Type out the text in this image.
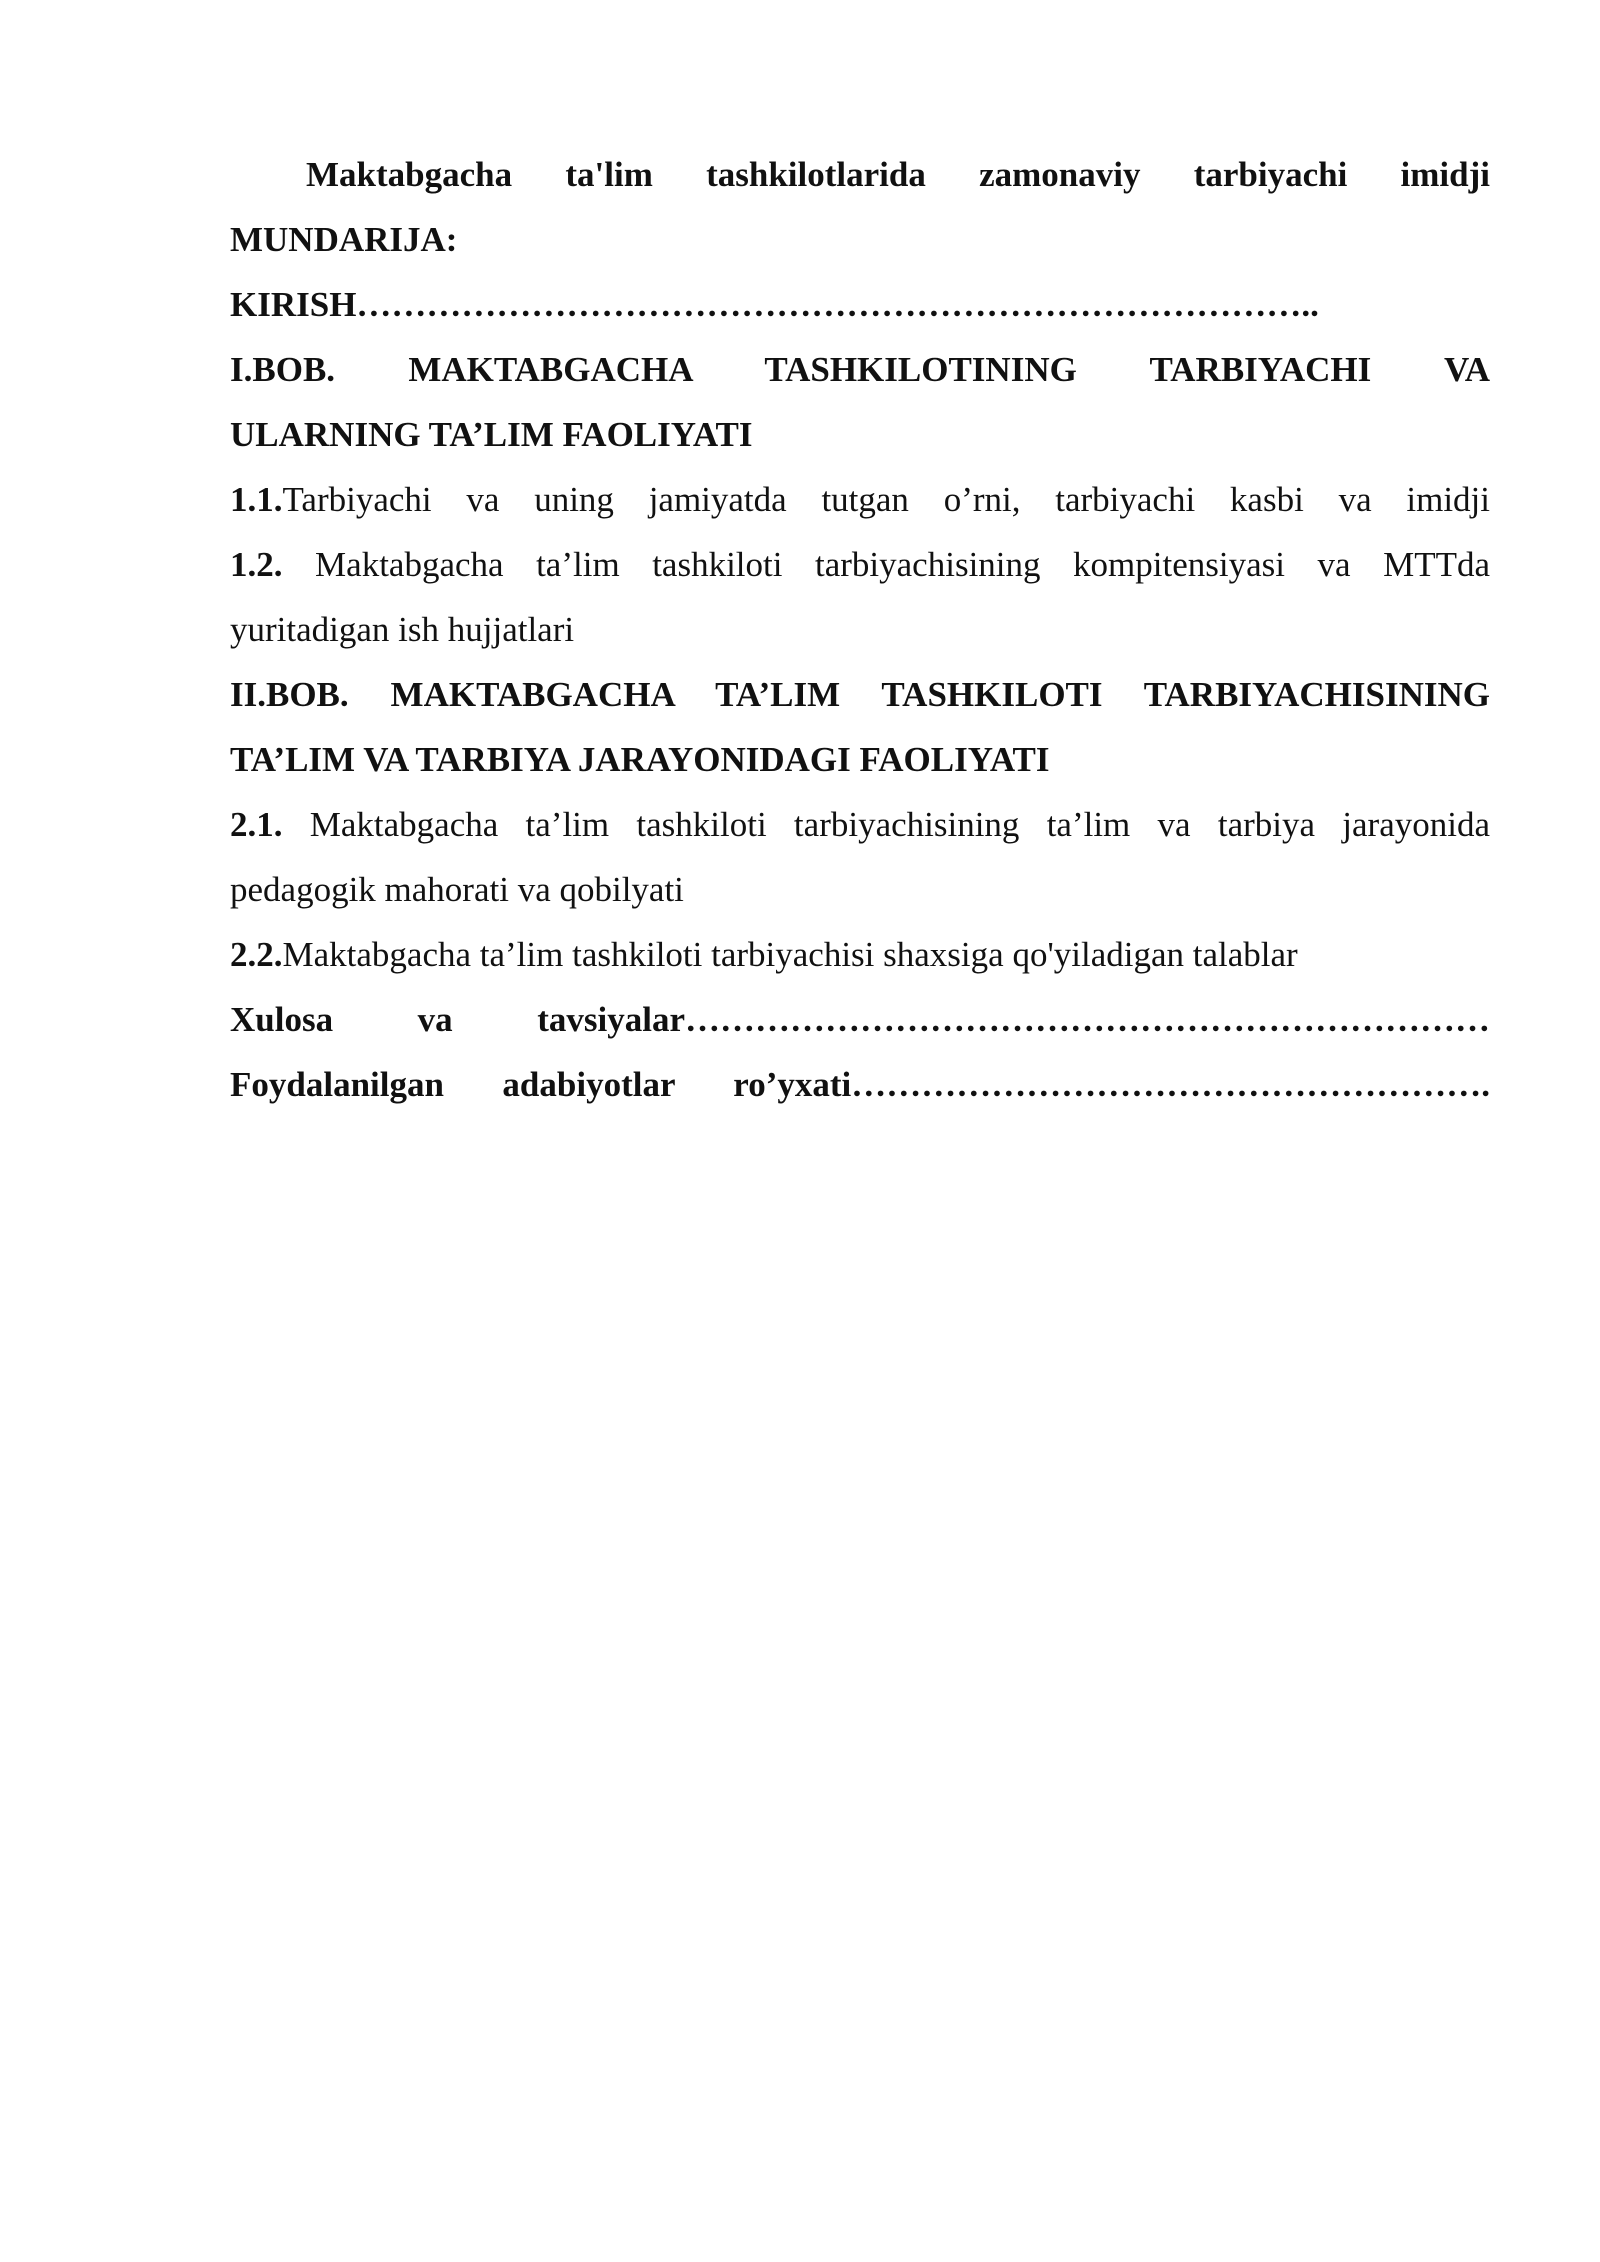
Maktabgacha ta'lim tashkilotlarida zamonaviy tarbiyachi imidji

MUNDARIJA:

KIRISH………………………………………………………………………..

I.BOB. MAKTABGACHA TASHKILOTINING TARBIYACHI VA

ULARNING TA’LIM FAOLIYATI

1.1.Tarbiyachi va uning jamiyatda tutgan o’rni, tarbiyachi kasbi va imidji

1.2. Maktabgacha ta’lim tashkiloti tarbiyachisining kompitensiyasi va MTTda

yuritadigan ish hujjatlari

II.BOB. MAKTABGACHA TA’LIM TASHKILOTI TARBIYACHISINING

TA’LIM VA TARBIYA JARAYONIDAGI FAOLIYATI

2.1. Maktabgacha ta’lim tashkiloti tarbiyachisining ta’lim va tarbiya jarayonida

pedagogik mahorati va qobilyati

2.2.Maktabgacha ta’lim tashkiloti tarbiyachisi shaxsiga qo'yiladigan talablar

Xulosa va tavsiyalar……………………………………………………………

Foydalanilgan adabiyotlar ro’yxati……………………………………………….
